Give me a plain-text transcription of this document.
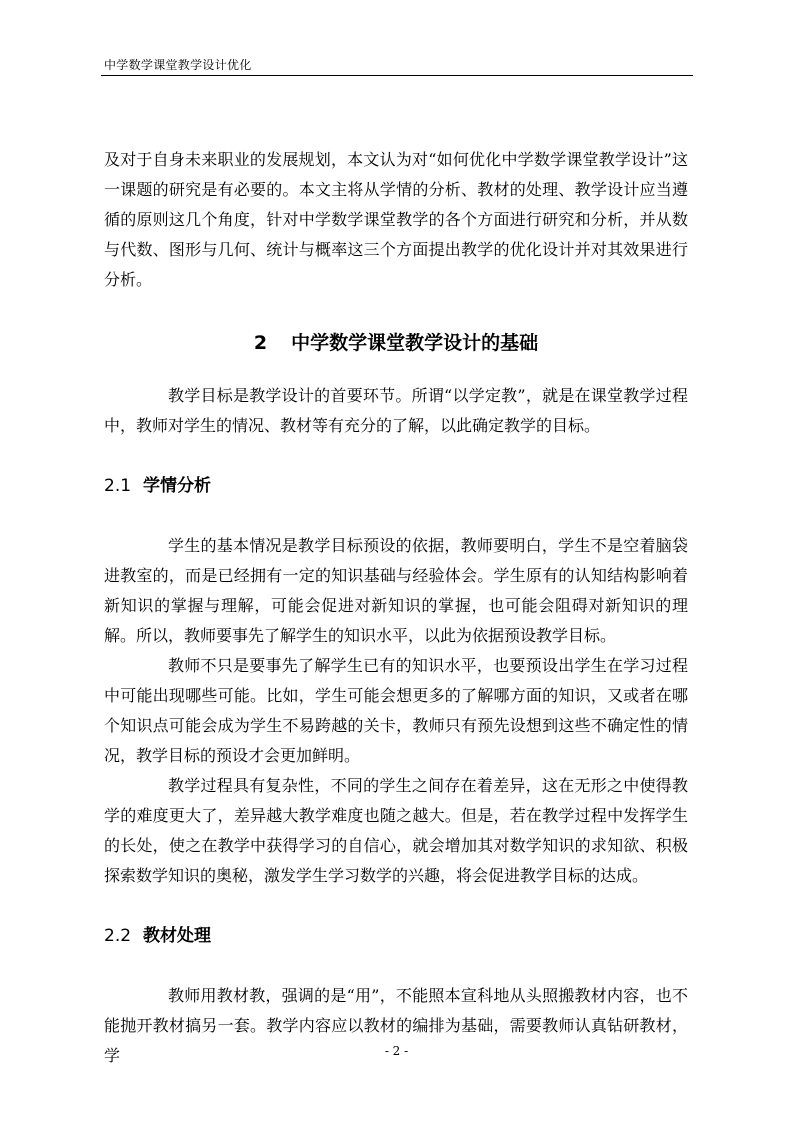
中学数学课堂教学设计优化

及对于自身未来职业的发展规划，本文认为对“如何优化中学数学课堂教学设计”这一课题的研究是有必要的。本文主将从学情的分析、教材的处理、教学设计应当遵循的原则这几个角度，针对中学数学课堂教学的各个方面进行研究和分析，并从数与代数、图形与几何、统计与概率这三个方面提出教学的优化设计并对其效果进行分析。

2 中学数学课堂教学设计的基础

教学目标是教学设计的首要环节。所谓“以学定教”，就是在课堂教学过程中，教师对学生的情况、教材等有充分的了解，以此确定教学的目标。

2.1 学情分析

学生的基本情况是教学目标预设的依据，教师要明白，学生不是空着脑袋进教室的，而是已经拥有一定的知识基础与经验体会。学生原有的认知结构影响着新知识的掌握与理解，可能会促进对新知识的掌握，也可能会阻碍对新知识的理解。所以，教师要事先了解学生的知识水平，以此为依据预设教学目标。

教师不只是要事先了解学生已有的知识水平，也要预设出学生在学习过程中可能出现哪些可能。比如，学生可能会想更多的了解哪方面的知识，又或者在哪个知识点可能会成为学生不易跨越的关卡，教师只有预先设想到这些不确定性的情况，教学目标的预设才会更加鲜明。

教学过程具有复杂性，不同的学生之间存在着差异，这在无形之中使得教学的难度更大了，差异越大教学难度也随之越大。但是，若在教学过程中发挥学生的长处，使之在教学中获得学习的自信心，就会增加其对数学知识的求知欲、积极探索数学知识的奥秘，激发学生学习数学的兴趣，将会促进教学目标的达成。

2.2 教材处理

教师用教材教，强调的是“用”，不能照本宣科地从头照搬教材内容，也不能抛开教材搞另一套。教学内容应以教材的编排为基础，需要教师认真钻研教材，学	- 2 -
